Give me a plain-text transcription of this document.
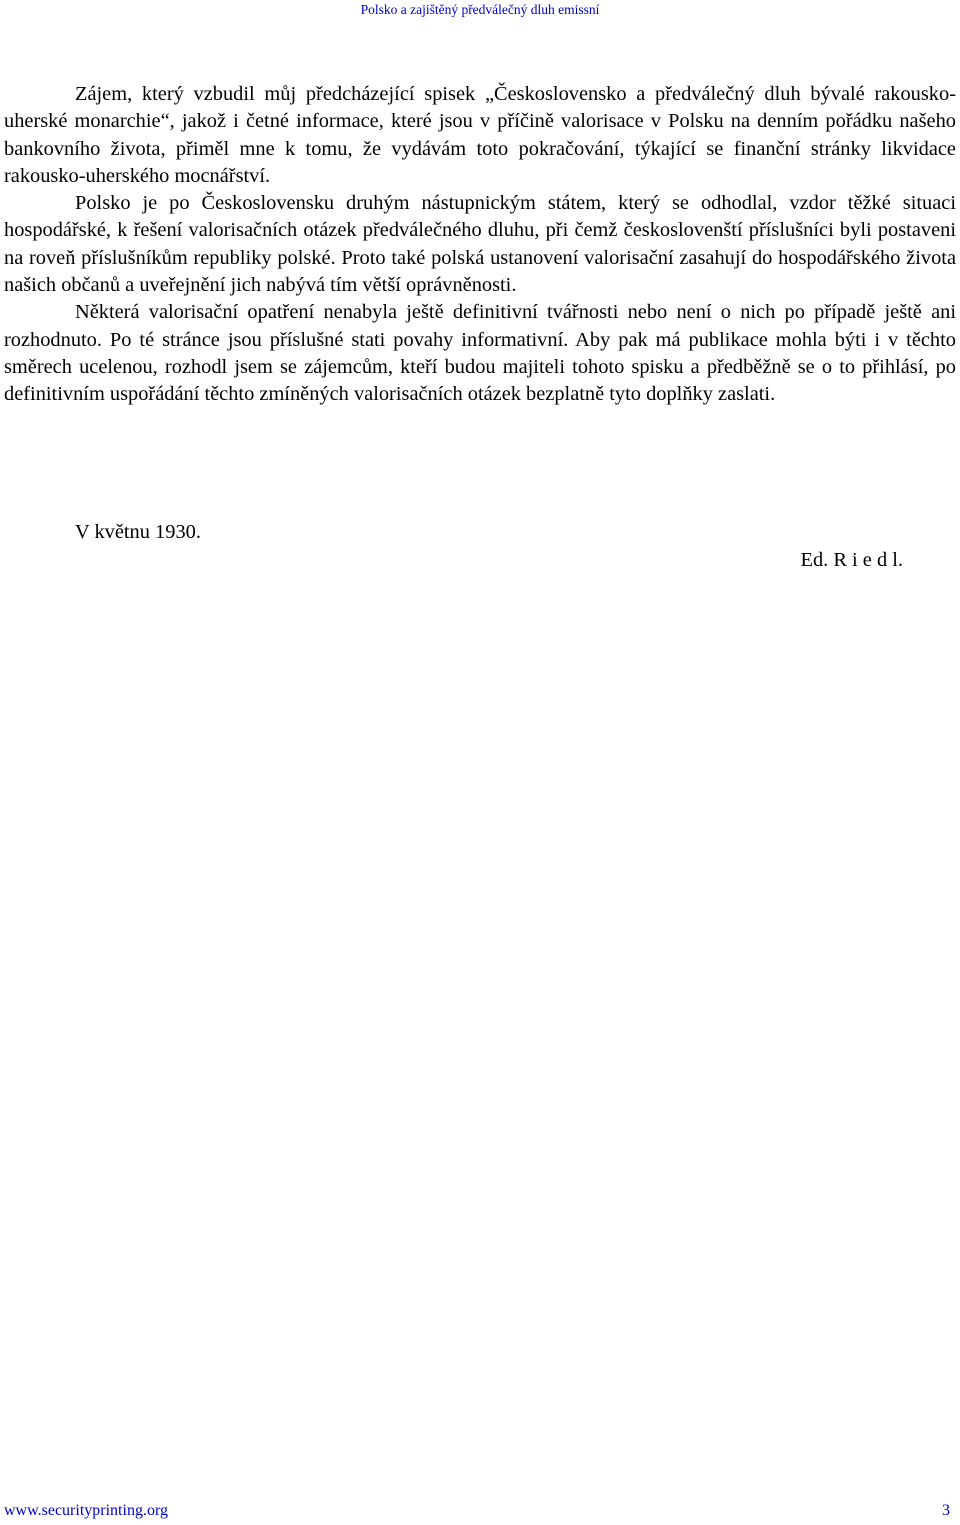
Polsko a zajištěný předválečný dluh emissní

Zájem, který vzbudil můj předcházející spisek „Československo a předválečný dluh bývalé rakousko-uherské monarchie“, jakož i četné informace, které jsou v příčině valorisace v Polsku na denním pořádku našeho bankovního života, přiměl mne k tomu, že vydávám toto pokračování, týkající se finanční stránky likvidace rakousko-uherského mocnářství.

Polsko je po Československu druhým nástupnickým státem, který se odhodlal, vzdor těžké situaci hospodářské, k řešení valorisačních otázek předválečného dluhu, při čemž českoslovenští příslušníci byli postaveni na roveň příslušníkům republiky polské. Proto také polská ustanovení valorisační zasahují do hospodářského života našich občanů a uveřejnění jich nabývá tím větší oprávněnosti.

Některá valorisační opatření nenabyla ještě definitivní tvářnosti nebo není o nich po případě ještě ani rozhodnuto. Po té stránce jsou příslušné stati povahy informativní. Aby pak má publikace mohla býti i v těchto směrech ucelenou, rozhodl jsem se zájemcům, kteří budou majiteli tohoto spisku a předběžně se o to přihlásí, po definitivním uspořádání těchto zmíněných valorisačních otázek bezplatně tyto doplňky zaslati.

V květnu 1930.
Ed. R i e d l.
www.securityprinting.org	3
